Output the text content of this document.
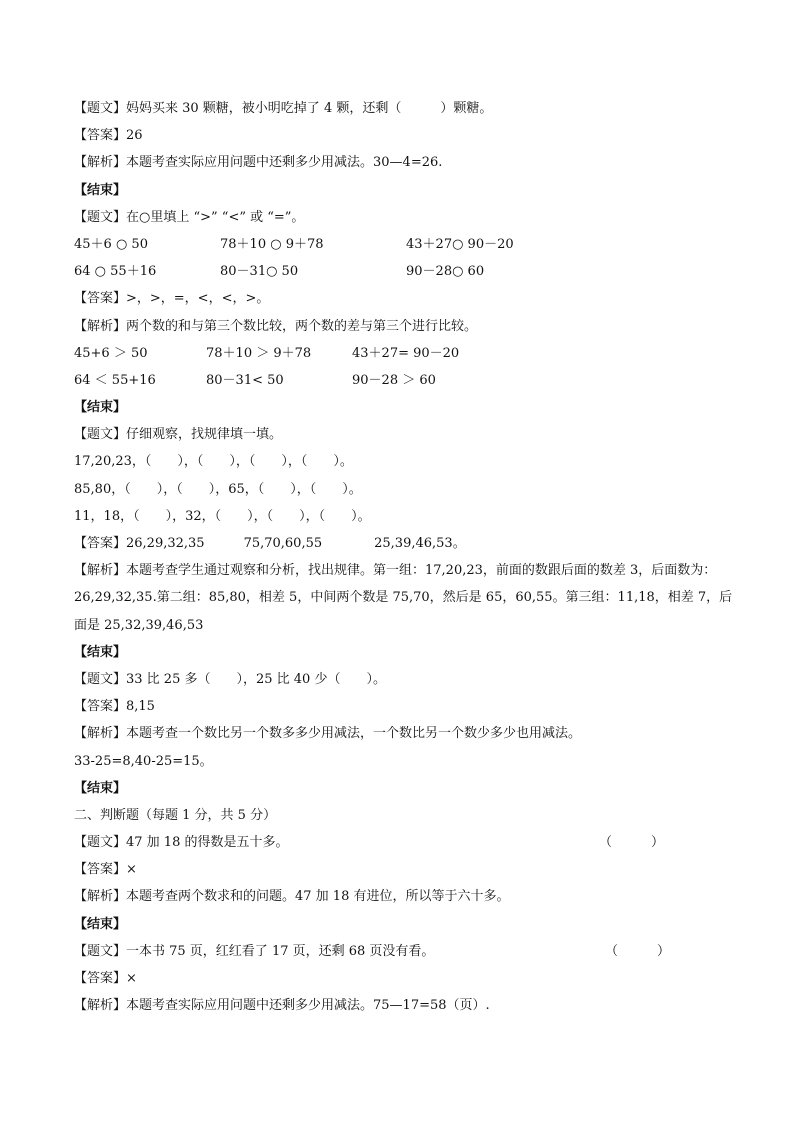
【题文】妈妈买来 30 颗糖，被小明吃掉了 4 颗，还剩（　　　）颗糖。
【答案】26
【解析】本题考查实际应用问题中还剩多少用减法。30—4=26.
【结束】
【题文】在○里填上 “>” “<” 或 “=”。
45＋6 ○ 50	78＋10 ○ 9＋78	43＋27○ 90－20
64 ○ 55＋16	80－31○ 50	90－28○ 60
【答案】>，>，=，<，<，>。
【解析】两个数的和与第三个数比较，两个数的差与第三个进行比较。
45+6 ＞ 50	78＋10 ＞ 9＋78	43＋27= 90－20
64 ＜ 55+16	80－31< 50	90－28 ＞ 60
【结束】
【题文】仔细观察，找规律填一填。
17,20,23，（　　），（　　），（　　），（　　）。
85,80，（　　），（　　），65，（　　），（　　）。
11，18，（　　），32，（　　），（　　），（　　）。
【答案】26,29,32,35　　　75,70,60,55　　　　25,39,46,53。
【解析】本题考查学生通过观察和分析，找出规律。第一组：17,20,23，前面的数跟后面的数差 3，后面数为：26,29,32,35.第二组：85,80，相差 5，中间两个数是 75,70，然后是 65，60,55。第三组：11,18，相差 7，后面是 25,32,39,46,53
【结束】
【题文】33 比 25 多（　　），25 比 40 少（　　）。
【答案】8,15
【解析】本题考查一个数比另一个数多多少用减法，一个数比另一个数少多少也用减法。
33-25=8,40-25=15。
【结束】
二、判断题（每题 1 分，共 5 分）
【题文】47 加 18 的得数是五十多。	（　　　）
【答案】×
【解析】本题考查两个数求和的问题。47 加 18 有进位，所以等于六十多。
【结束】
【题文】一本书 75 页，红红看了 17 页，还剩 68 页没有看。	（　　　）
【答案】×
【解析】本题考查实际应用问题中还剩多少用减法。75—17=58（页）.
